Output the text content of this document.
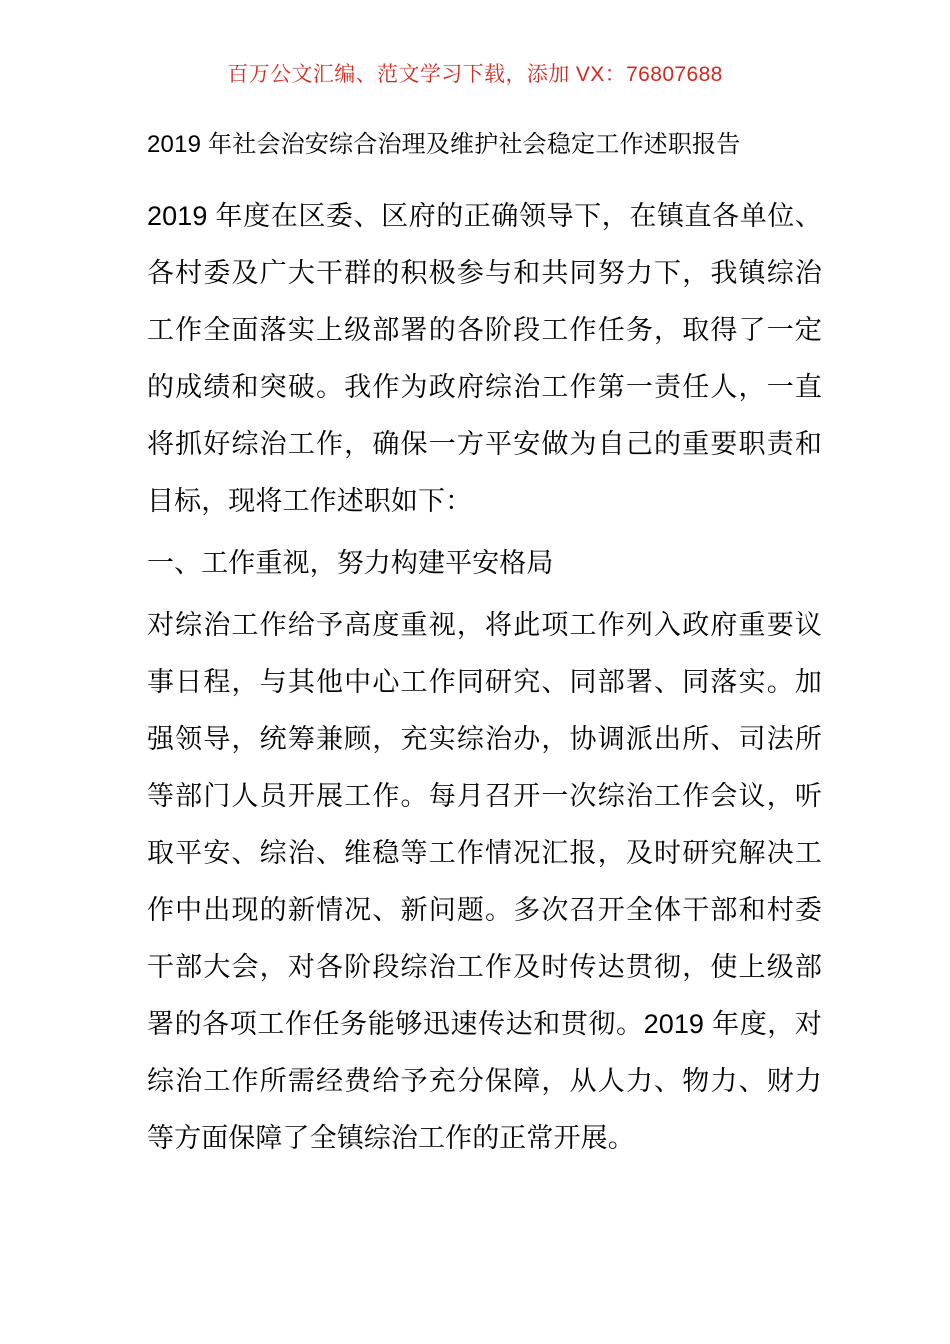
百万公文汇编、范文学习下载，添加 VX：76807688
2019 年社会治安综合治理及维护社会稳定工作述职报告

2019 年度在区委、区府的正确领导下，在镇直各单位、各村委及广大干群的积极参与和共同努力下，我镇综治工作全面落实上级部署的各阶段工作任务，取得了一定的成绩和突破。我作为政府综治工作第一责任人，一直将抓好综治工作，确保一方平安做为自己的重要职责和目标，现将工作述职如下：

一、工作重视，努力构建平安格局

对综治工作给予高度重视，将此项工作列入政府重要议事日程，与其他中心工作同研究、同部署、同落实。加强领导，统筹兼顾，充实综治办，协调派出所、司法所等部门人员开展工作。每月召开一次综治工作会议，听取平安、综治、维稳等工作情况汇报，及时研究解决工作中出现的新情况、新问题。多次召开全体干部和村委干部大会，对各阶段综治工作及时传达贯彻，使上级部署的各项工作任务能够迅速传达和贯彻。2019 年度，对综治工作所需经费给予充分保障，从人力、物力、财力等方面保障了全镇综治工作的正常开展。
